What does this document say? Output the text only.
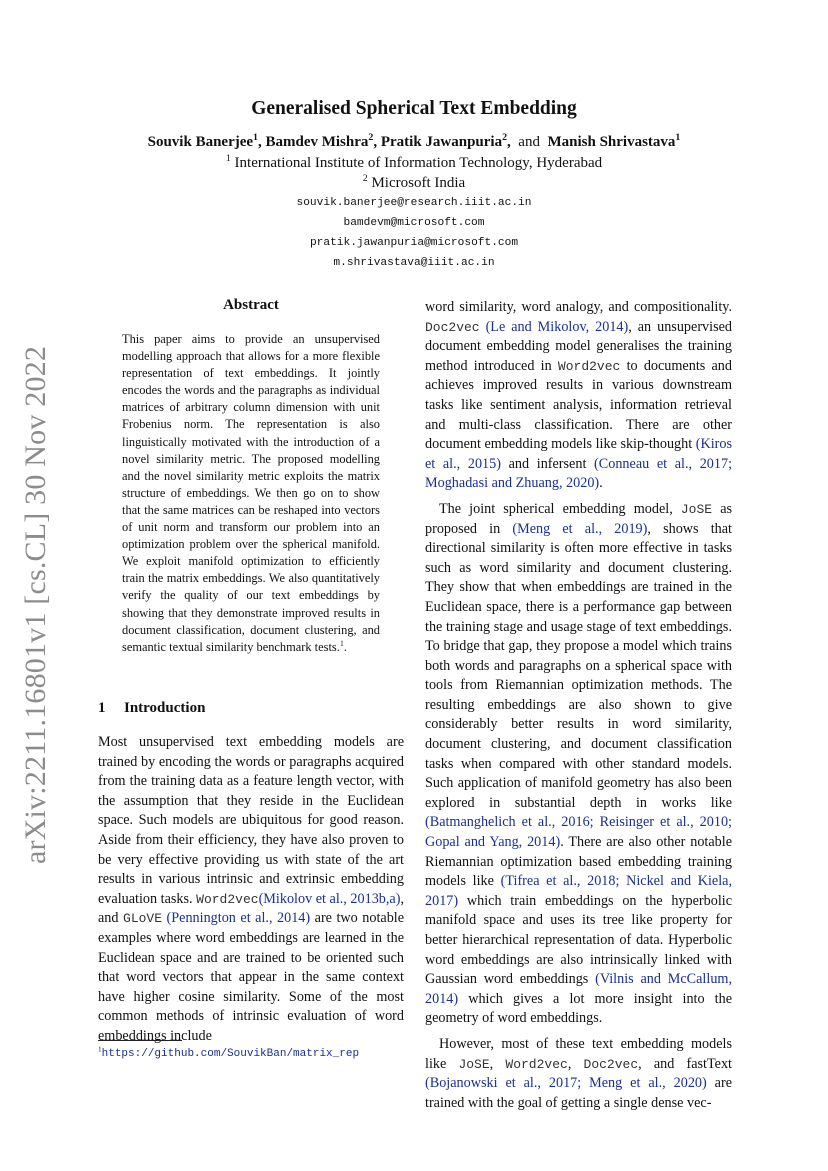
arXiv:2211.16801v1 [cs.CL] 30 Nov 2022
Generalised Spherical Text Embedding
Souvik Banerjee$^1$, Bamdev Mishra$^2$, Pratik Jawanpuria$^2$, and Manish Shrivastava$^1$
$^1$ International Institute of Information Technology, Hyderabad
$^2$ Microsoft India
souvik.banerjee@research.iiit.ac.in
bamdevm@microsoft.com
pratik.jawanpuria@microsoft.com
m.shrivastava@iiit.ac.in
Abstract

This paper aims to provide an unsupervised modelling approach that allows for a more flexible representation of text embeddings. It jointly encodes the words and the paragraphs as individual matrices of arbitrary column dimension with unit Frobenius norm. The representation is also linguistically motivated with the introduction of a novel similarity metric. The proposed modelling and the novel similarity metric exploits the matrix structure of embeddings. We then go on to show that the same matrices can be reshaped into vectors of unit norm and transform our problem into an optimization problem over the spherical manifold. We exploit manifold optimization to efficiently train the matrix embeddings. We also quantitatively verify the quality of our text embeddings by showing that they demonstrate improved results in document classification, document clustering, and semantic textual similarity benchmark tests.$^1$.

1 Introduction

Most unsupervised text embedding models are trained by encoding the words or paragraphs acquired from the training data as a feature length vector, with the assumption that they reside in the Euclidean space. Such models are ubiquitous for good reason. Aside from their efficiency, they have also proven to be very effective providing us with state of the art results in various intrinsic and extrinsic embedding evaluation tasks. Word2vec(Mikolov et al., 2013b,a), and GLoVE (Pennington et al., 2014) are two notable examples where word embeddings are learned in the Euclidean space and are trained to be oriented such that word vectors that appear in the same context have higher cosine similarity. Some of the most common methods of intrinsic evaluation of word embeddings include

word similarity, word analogy, and compositionality. Doc2vec (Le and Mikolov, 2014), an unsupervised document embedding model generalises the training method introduced in Word2vec to documents and achieves improved results in various downstream tasks like sentiment analysis, information retrieval and multi-class classification. There are other document embedding models like skip-thought (Kiros et al., 2015) and infersent (Conneau et al., 2017; Moghadasi and Zhuang, 2020).

The joint spherical embedding model, JoSE as proposed in (Meng et al., 2019), shows that directional similarity is often more effective in tasks such as word similarity and document clustering. They show that when embeddings are trained in the Euclidean space, there is a performance gap between the training stage and usage stage of text embeddings. To bridge that gap, they propose a model which trains both words and paragraphs on a spherical space with tools from Riemannian optimization methods. The resulting embeddings are also shown to give considerably better results in word similarity, document clustering, and document classification tasks when compared with other standard models. Such application of manifold geometry has also been explored in substantial depth in works like (Batmanghelich et al., 2016; Reisinger et al., 2010; Gopal and Yang, 2014). There are also other notable Riemannian optimization based embedding training models like (Tifrea et al., 2018; Nickel and Kiela, 2017) which train embeddings on the hyperbolic manifold space and uses its tree like property for better hierarchical representation of data. Hyperbolic word embeddings are also intrinsically linked with Gaussian word embeddings (Vilnis and McCallum, 2014) which gives a lot more insight into the geometry of word embeddings.

However, most of these text embedding models like JoSE, Word2vec, Doc2vec, and fastText (Bojanowski et al., 2017; Meng et al., 2020) are trained with the goal of getting a single dense vec-

$^1$https://github.com/SouvikBan/matrix_rep
